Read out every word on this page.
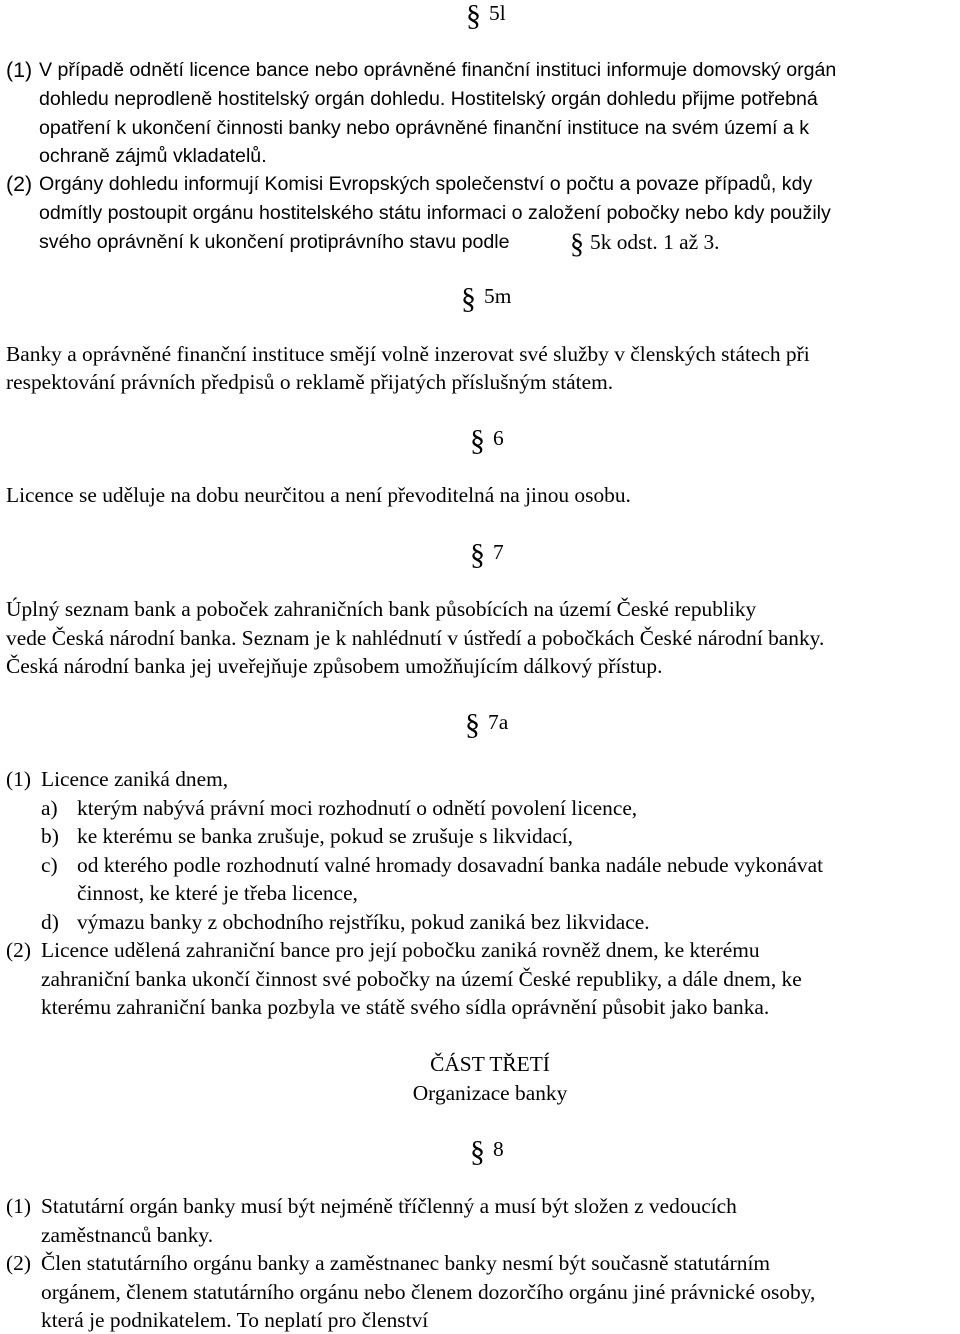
§ 5l
(1) V případě odnětí licence bance nebo oprávněné finanční instituci informuje domovský orgán
dohledu neprodleně hostitelský orgán dohledu. Hostitelský orgán dohledu přijme potřebná
opatření k ukončení činnosti banky nebo oprávněné finanční instituce na svém území a k
ochraně zájmů vkladatelů.
(2) Orgány dohledu informují Komisi Evropských společenství o počtu a povaze případů, kdy
odmítly postoupit orgánu hostitelského státu informaci o založení pobočky nebo kdy použily
svého oprávnění k ukončení protiprávního stavu podle § 5k odst. 1 až 3.
§ 5m
Banky a oprávněné finanční instituce smějí volně inzerovat své služby v členských státech při
respektování právních předpisů o reklamě přijatých příslušným státem.
§ 6
Licence se uděluje na dobu neurčitou a není převoditelná na jinou osobu.
§ 7
Úplný seznam bank a poboček zahraničních bank působících na území České republiky
vede Česká národní banka. Seznam je k nahlédnutí v ústředí a pobočkách České národní banky.
Česká národní banka jej uveřejňuje způsobem umožňujícím dálkový přístup.
§ 7a
(1) Licence zaniká dnem,
a) kterým nabývá právní moci rozhodnutí o odnětí povolení licence,
b) ke kterému se banka zrušuje, pokud se zrušuje s likvidací,
c) od kterého podle rozhodnutí valné hromady dosavadní banka nadále nebude vykonávat
činnost, ke které je třeba licence,
d) výmazu banky z obchodního rejstříku, pokud zaniká bez likvidace.
(2) Licence udělená zahraniční bance pro její pobočku zaniká rovněž dnem, ke kterému
zahraniční banka ukončí činnost své pobočky na území České republiky, a dále dnem, ke
kterému zahraniční banka pozbyla ve státě svého sídla oprávnění působit jako banka.
ČÁST TŘETÍ
Organizace banky
§ 8
(1) Statutární orgán banky musí být nejméně tříčlenný a musí být složen z vedoucích
zaměstnanců banky.
(2) Člen statutárního orgánu banky a zaměstnanec banky nesmí být současně statutárním
orgánem, členem statutárního orgánu nebo členem dozorčího orgánu jiné právnické osoby,
která je podnikatelem. To neplatí pro členství
